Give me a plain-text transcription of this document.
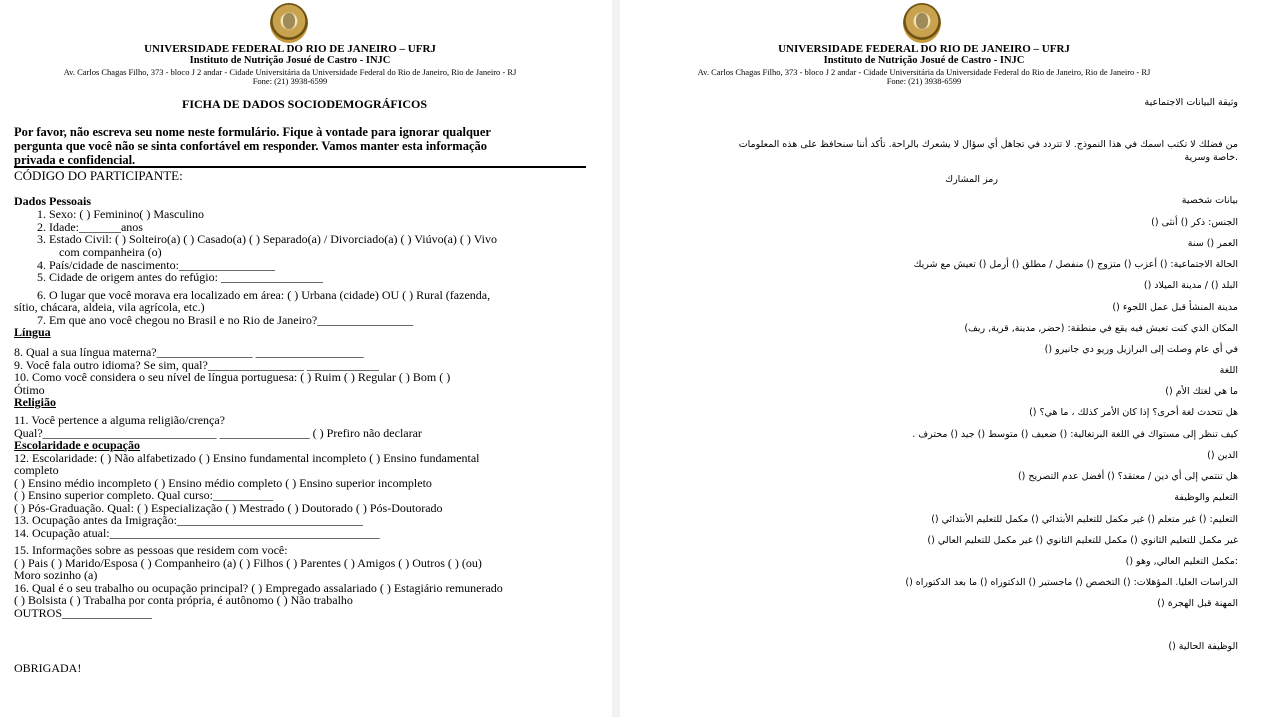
UNIVERSIDADE FEDERAL DO RIO DE JANEIRO – UFRJ
Instituto de Nutrição Josué de Castro - INJC
Av. Carlos Chagas Filho, 373 - bloco J 2 andar - Cidade Universitária da Universidade Federal do Rio de Janeiro, Rio de Janeiro - RJ
Fone: (21) 3938-6599
FICHA DE DADOS SOCIODEMOGRÁFICOS
Por favor, não escreva seu nome neste formulário. Fique à vontade para ignorar qualquer
pergunta que você não se sinta confortável em responder. Vamos manter esta informação
privada e confidencial.
CÓDIGO DO PARTICIPANTE:
Dados Pessoais
1. Sexo: ( ) Feminino( ) Masculino
2. Idade:_______anos
3. Estado Civil: ( ) Solteiro(a) ( ) Casado(a) ( ) Separado(a) / Divorciado(a) ( ) Viúvo(a) ( ) Vivo
com companheira (o)
4. País/cidade de nascimento:________________
5. Cidade de origem antes do refúgio: _________________
6. O lugar que você morava era localizado em área: ( ) Urbana (cidade) OU ( ) Rural (fazenda,
sítio, chácara, aldeia, vila agrícola, etc.)
7. Em que ano você chegou no Brasil e no Rio de Janeiro?________________
Língua
8. Qual a sua língua materna?________________ __________________
9. Você fala outro idioma? Se sim, qual?________________ ____________
10. Como você considera o seu nível de língua portuguesa: ( ) Ruim ( ) Regular ( ) Bom ( )
Ótimo
Religião
11. Você pertence a alguma religião/crença?
Qual?_____________________________ _______________ ( ) Prefiro não declarar
Escolaridade e ocupação
12. Escolaridade: ( ) Não alfabetizado ( ) Ensino fundamental incompleto ( ) Ensino fundamental
completo
( ) Ensino médio incompleto ( ) Ensino médio completo ( ) Ensino superior incompleto
( ) Ensino superior completo. Qual curso:__________
( ) Pós-Graduação. Qual: ( ) Especialização ( ) Mestrado ( ) Doutorado ( ) Pós-Doutorado
13. Ocupação antes da Imigração:_______________________________
14. Ocupação atual:_____________________________________________
15. Informações sobre as pessoas que residem com você:
( ) Pais ( ) Marido/Esposa ( ) Companheiro (a) ( ) Filhos ( ) Parentes ( ) Amigos ( ) Outros ( ) (ou)
Moro sozinho (a)
16. Qual é o seu trabalho ou ocupação principal? ( ) Empregado assalariado ( ) Estagiário remunerado
( ) Bolsista ( ) Trabalha por conta própria, é autônomo ( ) Não trabalho
OUTROS_______________
OBRIGADA!
UNIVERSIDADE FEDERAL DO RIO DE JANEIRO – UFRJ
Instituto de Nutrição Josué de Castro - INJC
Av. Carlos Chagas Filho, 373 - bloco J 2 andar - Cidade Universitária da Universidade Federal do Rio de Janeiro, Rio de Janeiro - RJ
Fone: (21) 3938-6599
وثيقة البيانات الاجتماعية
من فضلك لا تكتب اسمك في هذا النموذج. لا تتردد في تجاهل أي سؤال لا يشعرك بالراحة. تأكد أننا سنحافظ على هذه المعلومات
.خاصة وسرية
رمز المشارك
بيانات شخصية
الجنس: ذكر () أنثى ()
العمر () سنة
الحالة الاجتماعية: () أعزب () متزوج () منفصل / مطلق () أرمل () تعيش مع شريك
البلد () / مدينة الميلاد ()
مدينة المنشأ قبل عمل اللجوء ()
المكان الذي كنت تعيش فيه يقع في منطقة: (حضر, مدينة, قرية, ريف)
في أي عام وصلت إلى البرازيل وريو دي جانيرو ()
اللغة
ما هي لغتك الأم ()
هل تتحدث لغة أخرى؟ إذا كان الأمر كذلك ، ما هي؟ ()
كيف تنظر إلى مستواك في اللغة البرتغالية: () ضعيف () متوسط () جيد () محترف .
الدين ()
هل تنتمي إلى أي دين / معتقد؟ () أفضل عدم التصريح ()
التعليم والوظيفة
التعليم: () غير متعلم () غير مكمل للتعليم الأبتدائي () مكمل للتعليم الأبتدائي ()
غير مكمل للتعليم الثانوي () مكمل للتعليم الثانوي () غير مكمل للتعليم العالي ()
:مكمل التعليم العالي, وهو ()
الدراسات العليا. المؤهلات: () التخصص () ماجستير () الدكتوراه () ما بعد الدكتوراه ()
المهنة قبل الهجرة ()
الوظيفة الحالية ()
